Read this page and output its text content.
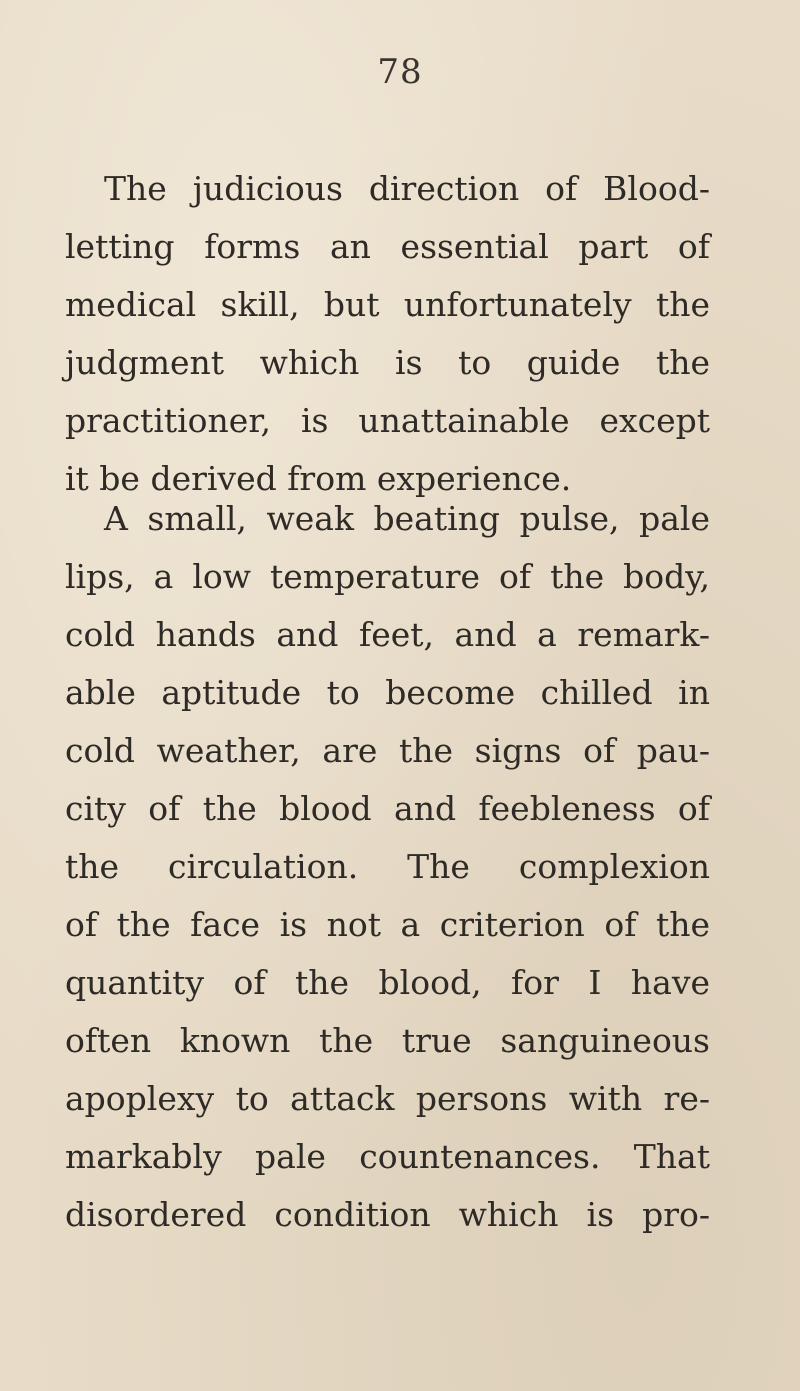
78
The judicious direction of Blood-
letting forms an essential part of
medical skill, but unfortunately the
judgment which is to guide the
practitioner, is unattainable except
it be derived from experience.
A small, weak beating pulse, pale
lips, a low temperature of the body,
cold hands and feet, and a remark-
able aptitude to become chilled in
cold weather, are the signs of pau-
city of the blood and feebleness of
the circulation. The complexion
of the face is not a criterion of the
quantity of the blood, for I have
often known the true sanguineous
apoplexy to attack persons with re-
markably pale countenances. That
disordered condition which is pro-
